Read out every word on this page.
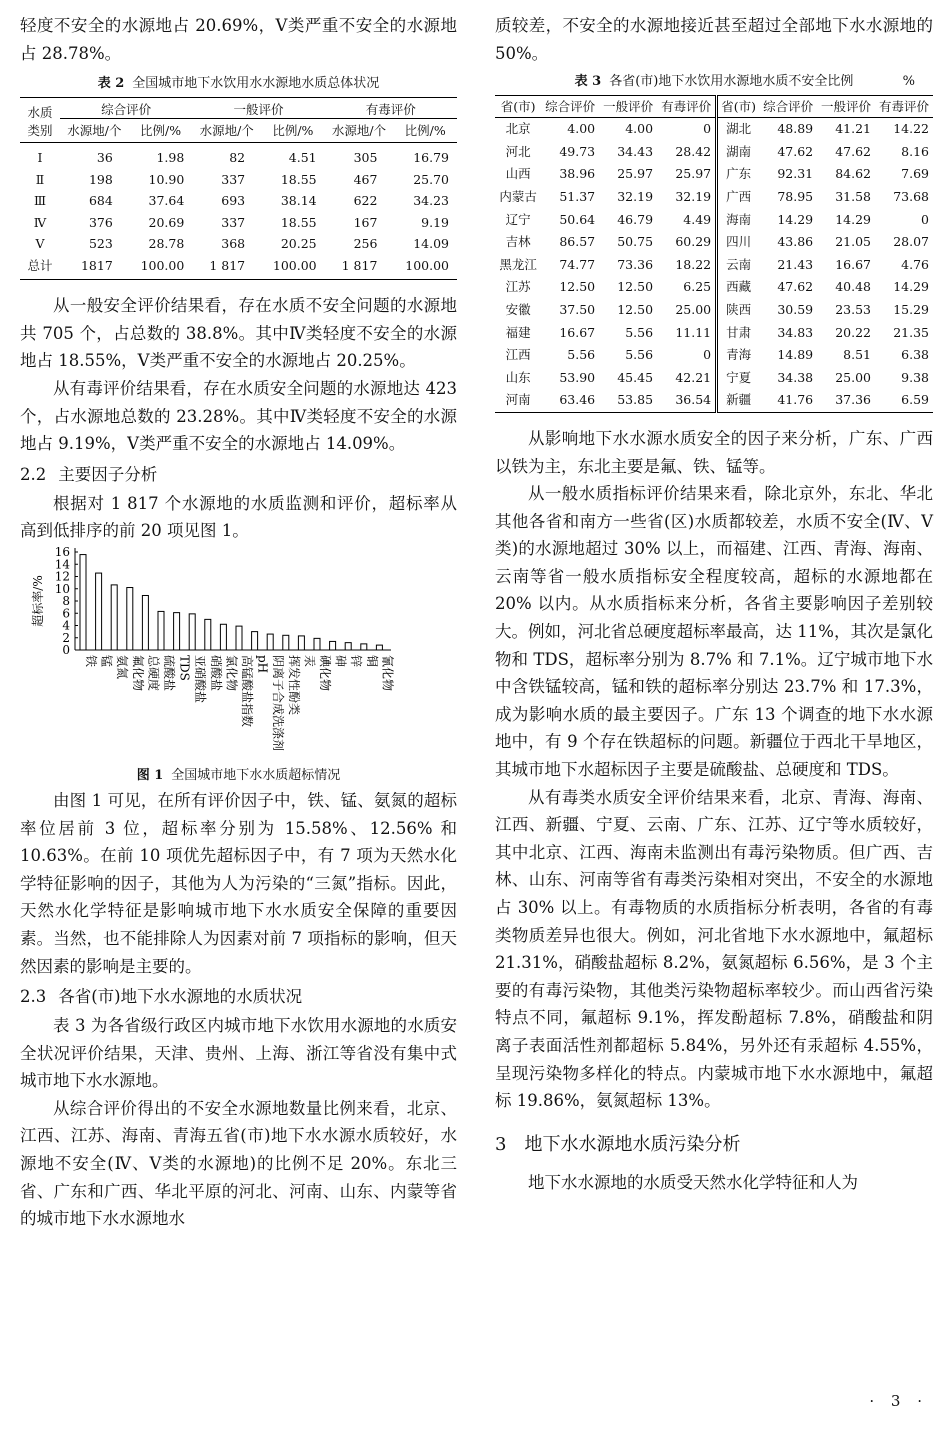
轻度不安全的水源地占 20.69%，Ⅴ类严重不安全的水源地占 28.78%。

表 2 全国城市地下水饮用水水源地水质总体状况
水质
类别	综合评价		一般评价		有毒评价	
	水源地/个	比例/%	水源地/个	比例/%	水源地/个	比例/%
Ⅰ	36	1.98	82	4.51	305	16.79
Ⅱ	198	10.90	337	18.55	467	25.70
Ⅲ	684	37.64	693	38.14	622	34.23
Ⅳ	376	20.69	337	18.55	167	9.19
Ⅴ	523	28.78	368	20.25	256	14.09
总计	1817	100.00	1 817	100.00	1 817	100.00

从一般安全评价结果看，存在水质不安全问题的水源地共 705 个，占总数的 38.8%。其中Ⅳ类轻度不安全的水源地占 18.55%，Ⅴ类严重不安全的水源地占 20.25%。

从有毒评价结果看，存在水质安全问题的水源地达 423 个，占水源地总数的 23.28%。其中Ⅳ类轻度不安全的水源地占 9.19%，Ⅴ类严重不安全的水源地占 14.09%。

2.2 主要因子分析

根据对 1 817 个水源地的水质监测和评价，超标率从高到低排序的前 20 项见图 1。

0
2
4
6
8
10
12
14
16
超标率/%
铁 锰 氨氮 氟化物 总硬度 硫酸盐 TDS 亚硝酸盐 硝酸盐 氯化物 高锰酸盐指数 pH 阴离子合成洗涤剂 挥发性酚类 汞 碘化物 砷 锌 铜 氰化物
图 1 全国城市地下水水质超标情况

由图 1 可见，在所有评价因子中，铁、锰、氨氮的超标率位居前 3 位，超标率分别为 15.58%、12.56% 和 10.63%。在前 10 项优先超标因子中，有 7 项为天然水化学特征影响的因子，其他为人为污染的“三氮”指标。因此，天然水化学特征是影响城市地下水水质安全保障的重要因素。当然，也不能排除人为因素对前 7 项指标的影响，但天然因素的影响是主要的。

2.3 各省(市)地下水水源地的水质状况

表 3 为各省级行政区内城市地下水饮用水源地的水质安全状况评价结果，天津、贵州、上海、浙江等省没有集中式城市地下水水源地。

从综合评价得出的不安全水源地数量比例来看，北京、江西、江苏、海南、青海五省(市)地下水水源水质较好，水源地不安全(Ⅳ、Ⅴ类的水源地)的比例不足 20%。东北三省、广东和广西、华北平原的河北、河南、山东、内蒙等省的城市地下水水源地水

质较差，不安全的水源地接近甚至超过全部地下水水源地的 50%。

表 3 各省(市)地下水饮用水源地水质不安全比例	%
省(市)	综合评价	一般评价	有毒评价	省(市)	综合评价	一般评价	有毒评价
北京	4.00	4.00	0	湖北	48.89	41.21	14.22
河北	49.73	34.43	28.42	湖南	47.62	47.62	8.16
山西	38.96	25.97	25.97	广东	92.31	84.62	7.69
内蒙古	51.37	32.19	32.19	广西	78.95	31.58	73.68
辽宁	50.64	46.79	4.49	海南	14.29	14.29	0
吉林	86.57	50.75	60.29	四川	43.86	21.05	28.07
黑龙江	74.77	73.36	18.22	云南	21.43	16.67	4.76
江苏	12.50	12.50	6.25	西藏	47.62	40.48	14.29
安徽	37.50	12.50	25.00	陕西	30.59	23.53	15.29
福建	16.67	5.56	11.11	甘肃	34.83	20.22	21.35
江西	5.56	5.56	0	青海	14.89	8.51	6.38
山东	53.90	45.45	42.21	宁夏	34.38	25.00	9.38
河南	63.46	53.85	36.54	新疆	41.76	37.36	6.59

从影响地下水水源水质安全的因子来分析，广东、广西以铁为主，东北主要是氟、铁、锰等。

从一般水质指标评价结果来看，除北京外，东北、华北其他各省和南方一些省(区)水质都较差，水质不安全(Ⅳ、Ⅴ类)的水源地超过 30% 以上，而福建、江西、青海、海南、云南等省一般水质指标安全程度较高，超标的水源地都在 20% 以内。从水质指标来分析，各省主要影响因子差别较大。例如，河北省总硬度超标率最高，达 11%，其次是氯化物和 TDS，超标率分别为 8.7% 和 7.1%。辽宁城市地下水中含铁锰较高，锰和铁的超标率分别达 23.7% 和 17.3%，成为影响水质的最主要因子。广东 13 个调查的地下水水源地中，有 9 个存在铁超标的问题。新疆位于西北干旱地区，其城市地下水超标因子主要是硫酸盐、总硬度和 TDS。

从有毒类水质安全评价结果来看，北京、青海、海南、江西、新疆、宁夏、云南、广东、江苏、辽宁等水质较好，其中北京、江西、海南未监测出有毒污染物质。但广西、吉林、山东、河南等省有毒类污染相对突出，不安全的水源地占 30% 以上。有毒物质的水质指标分析表明，各省的有毒类物质差异也很大。例如，河北省地下水水源地中，氟超标 21.31%，硝酸盐超标 8.2%，氨氮超标 6.56%，是 3 个主要的有毒污染物，其他类污染物超标率较少。而山西省污染特点不同，氟超标 9.1%，挥发酚超标 7.8%，硝酸盐和阴离子表面活性剂都超标 5.84%，另外还有汞超标 4.55%，呈现污染物多样化的特点。内蒙城市地下水水源地中，氟超标 19.86%，氨氮超标 13%。

3 地下水水源地水质污染分析

地下水水源地的水质受天然水化学特征和人为

· 3 ·
